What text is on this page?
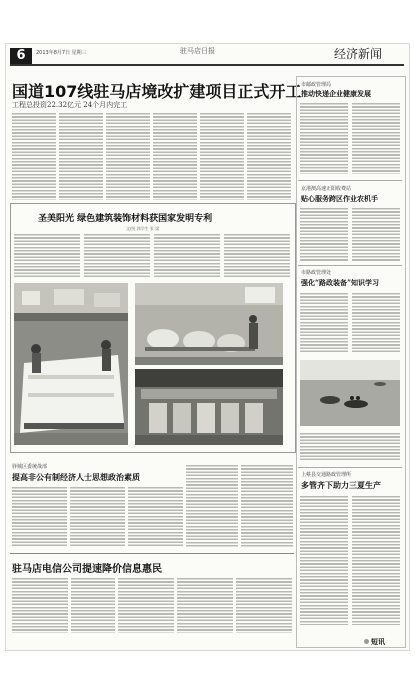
6	2013年8月7日 星期三	驻马店日报	经济新闻
国道107线驻马店境改扩建项目正式开工
工程总投资22.32亿元 24个月内完工
圣美阳光 绿色建筑装饰材料获国家发明专利
文/图 郭学生 张 梁
驿城区委统战部
提高非公有制经济人士思想政治素质
驻马店电信公司提速降价信息惠民
市邮政管理局
推动快递企业健康发展
京港澳高速正阳收费站
贴心服务跨区作业农机手
市路政管理处
强化“路政装备”知识学习
上蔡县交通路政管理所
多管齐下助力三夏生产
短讯
